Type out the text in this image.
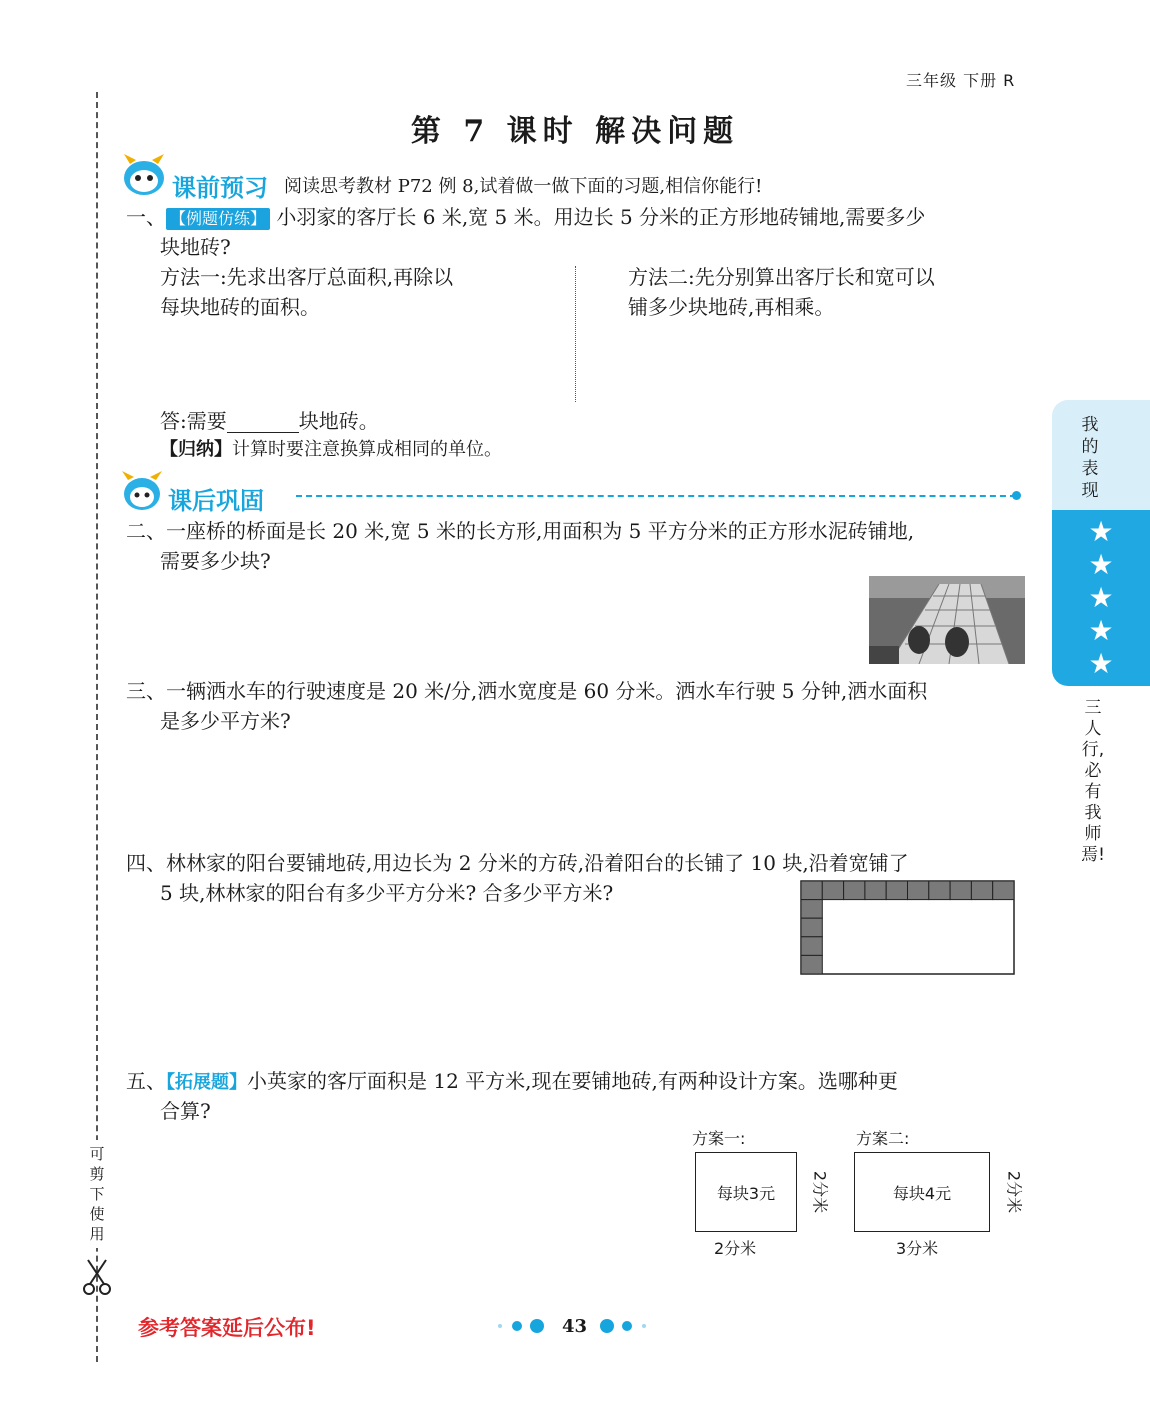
可剪下使用
三年级 下册 R
第 7 课时 解决问题
课前预习 阅读思考教材 P72 例 8,试着做一做下面的习题,相信你能行!
一、 【例题仿练】 小羽家的客厅长 6 米,宽 5 米。用边长 5 分米的正方形地砖铺地,需要多少
块地砖?
方法一:先求出客厅总面积,再除以
每块地砖的面积。
方法二:先分别算出客厅长和宽可以
铺多少块地砖,再相乘。
答:需要	块地砖。
【归纳】计算时要注意换算成相同的单位。
课后巩固
二、一座桥的桥面是长 20 米,宽 5 米的长方形,用面积为 5 平方分米的正方形水泥砖铺地,
需要多少块?
三、一辆洒水车的行驶速度是 20 米/分,洒水宽度是 60 分米。洒水车行驶 5 分钟,洒水面积
是多少平方米?
四、林林家的阳台要铺地砖,用边长为 2 分米的方砖,沿着阳台的长铺了 10 块,沿着宽铺了
5 块,林林家的阳台有多少平方分米? 合多少平方米?
五、【拓展题】小英家的客厅面积是 12 平方米,现在要铺地砖,有两种设计方案。选哪种更
合算?
方案一:
每块3元 2分米
2分米
方案二:
每块4元	2分米
3分米
我的表现
★
★
★
★
★
三人行,必有我师焉!
参考答案延后公布!	43
